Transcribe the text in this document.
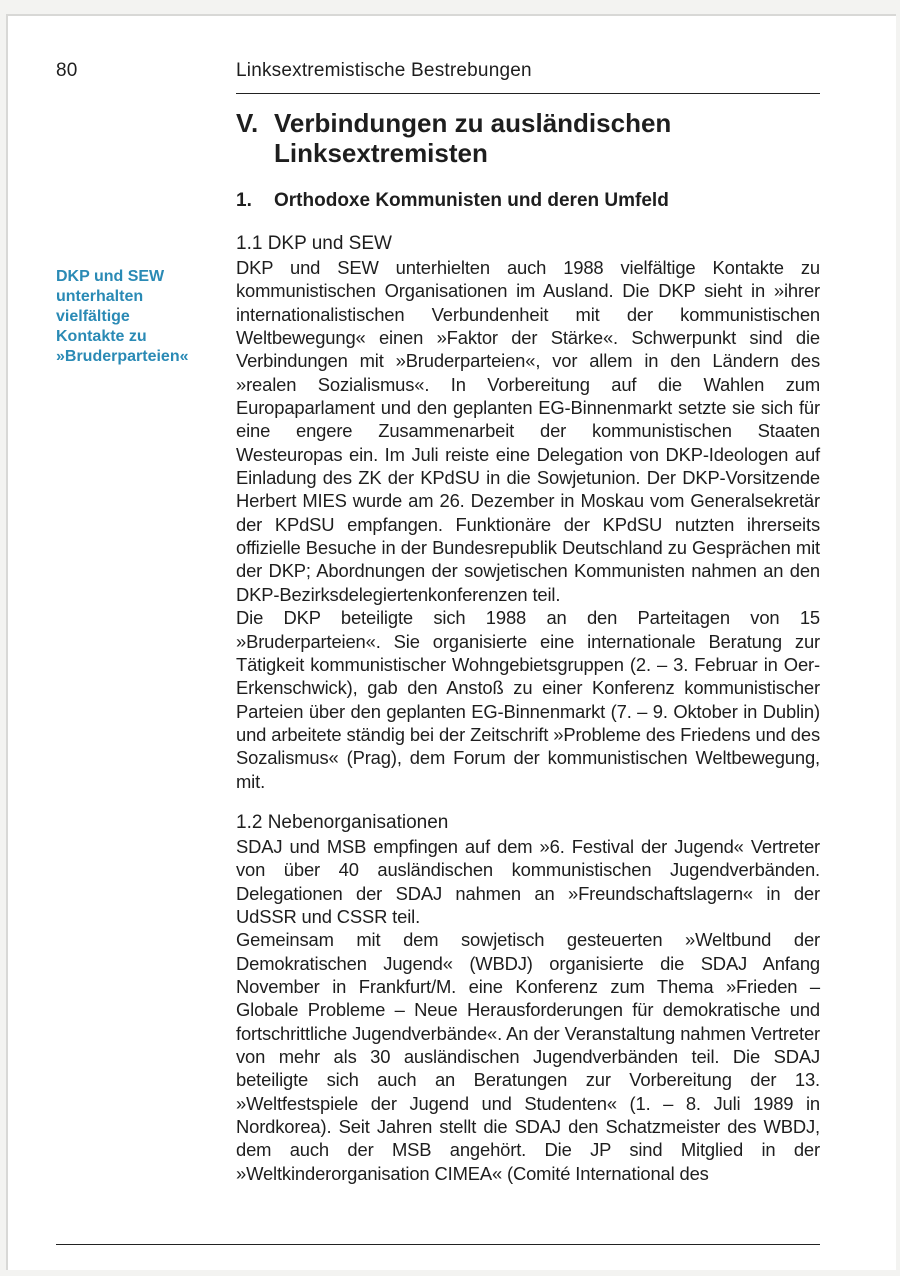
80	Linksextremistische Bestrebungen
V. Verbindungen zu ausländischen
Linksextremisten
1. Orthodoxe Kommunisten und deren Umfeld
DKP und SEW
unterhalten
vielfältige
Kontakte zu
»Bruderparteien«

1.1 DKP und SEW

DKP und SEW unterhielten auch 1988 vielfältige Kontakte zu kommunistischen Organisationen im Ausland. Die DKP sieht in »ihrer internationalistischen Verbundenheit mit der kommunistischen Weltbewegung« einen »Faktor der Stärke«. Schwerpunkt sind die Verbindungen mit »Bruderparteien«, vor allem in den Ländern des »realen Sozialismus«. In Vorbereitung auf die Wahlen zum Europaparlament und den geplanten EG-Binnenmarkt setzte sie sich für eine engere Zusammenarbeit der kommunistischen Staaten Westeuropas ein. Im Juli reiste eine Delegation von DKP-Ideologen auf Einladung des ZK der KPdSU in die Sowjetunion. Der DKP-Vorsitzende Herbert MIES wurde am 26. Dezember in Moskau vom Generalsekretär der KPdSU empfangen. Funktionäre der KPdSU nutzten ihrerseits offizielle Besuche in der Bundesrepublik Deutschland zu Gesprächen mit der DKP; Abordnungen der sowjetischen Kommunisten nahmen an den DKP-Bezirksdelegiertenkonferenzen teil.

Die DKP beteiligte sich 1988 an den Parteitagen von 15 »Bruderparteien«. Sie organisierte eine internationale Beratung zur Tätigkeit kommunistischer Wohngebietsgruppen (2. – 3. Februar in Oer-Erkenschwick), gab den Anstoß zu einer Konferenz kommunistischer Parteien über den geplanten EG-Binnenmarkt (7. – 9. Oktober in Dublin) und arbeitete ständig bei der Zeitschrift »Probleme des Friedens und des Sozalismus« (Prag), dem Forum der kommunistischen Weltbewegung, mit.

1.2 Nebenorganisationen

SDAJ und MSB empfingen auf dem »6. Festival der Jugend« Vertreter von über 40 ausländischen kommunistischen Jugendverbänden. Delegationen der SDAJ nahmen an »Freundschaftslagern« in der UdSSR und CSSR teil.

Gemeinsam mit dem sowjetisch gesteuerten »Weltbund der Demokratischen Jugend« (WBDJ) organisierte die SDAJ Anfang November in Frankfurt/M. eine Konferenz zum Thema »Frieden – Globale Probleme – Neue Herausforderungen für demokratische und fortschrittliche Jugendverbände«. An der Veranstaltung nahmen Vertreter von mehr als 30 ausländischen Jugendverbänden teil. Die SDAJ beteiligte sich auch an Beratungen zur Vorbereitung der 13. »Weltfestspiele der Jugend und Studenten« (1. – 8. Juli 1989 in Nordkorea). Seit Jahren stellt die SDAJ den Schatzmeister des WBDJ, dem auch der MSB angehört. Die JP sind Mitglied in der »Weltkinderorganisation CIMEA« (Comité International des
